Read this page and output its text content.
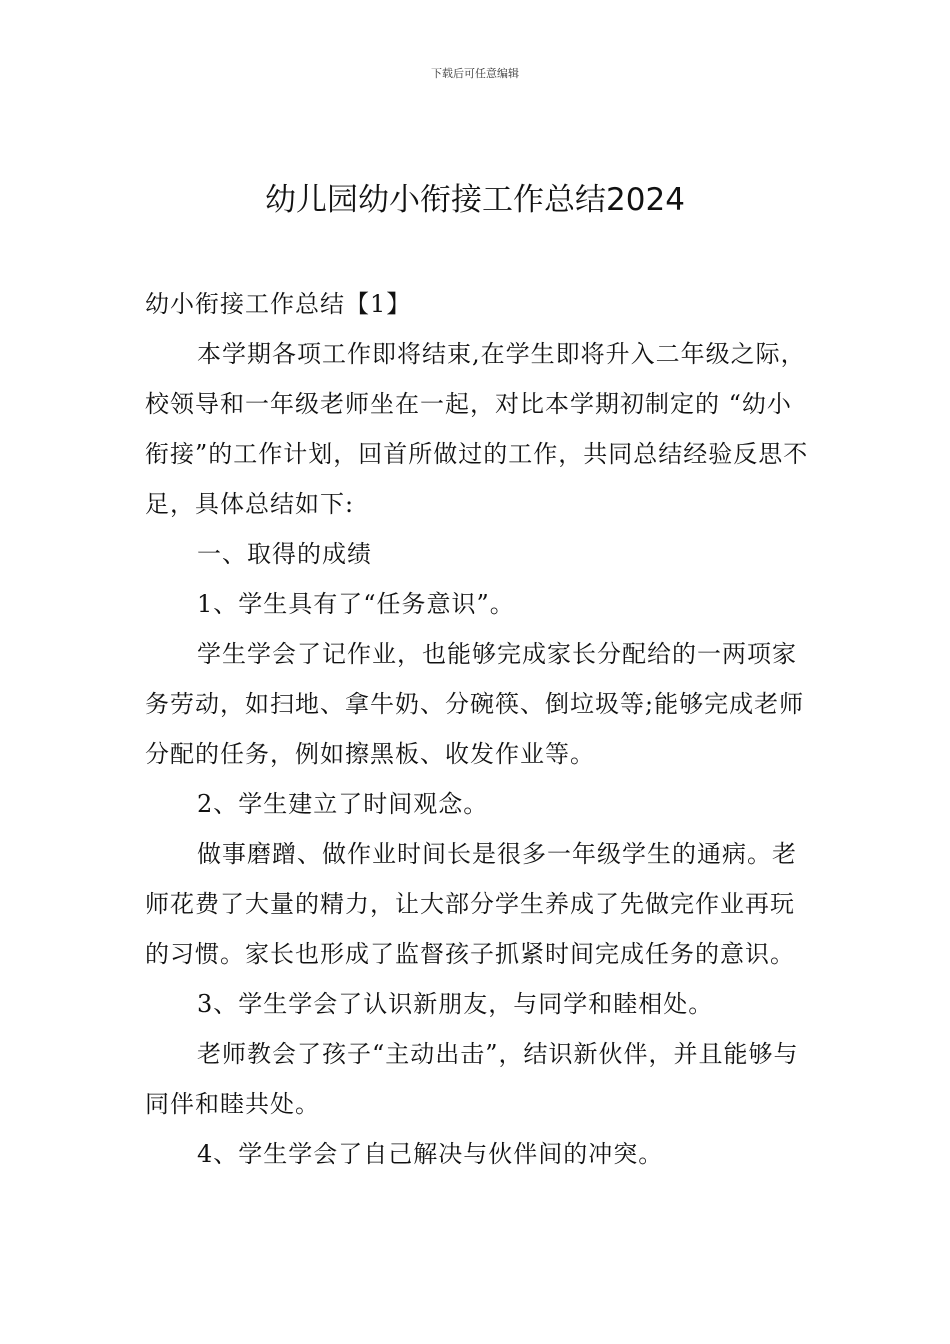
下载后可任意编辑
幼儿园幼小衔接工作总结2024

幼小衔接工作总结【1】

本学期各项工作即将结束,在学生即将升入二年级之际，校领导和一年级老师坐在一起，对比本学期初制定的 “幼小衔接”的工作计划，回首所做过的工作，共同总结经验反思不足，具体总结如下:

一、取得的成绩

1、学生具有了“任务意识”。

学生学会了记作业，也能够完成家长分配给的一两项家务劳动，如扫地、拿牛奶、分碗筷、倒垃圾等;能够完成老师分配的任务，例如擦黑板、收发作业等。

2、学生建立了时间观念。

做事磨蹭、做作业时间长是很多一年级学生的通病。老师花费了大量的精力，让大部分学生养成了先做完作业再玩的习惯。家长也形成了监督孩子抓紧时间完成任务的意识。

3、学生学会了认识新朋友，与同学和睦相处。

老师教会了孩子“主动出击”，结识新伙伴，并且能够与同伴和睦共处。

4、学生学会了自己解决与伙伴间的冲突。
